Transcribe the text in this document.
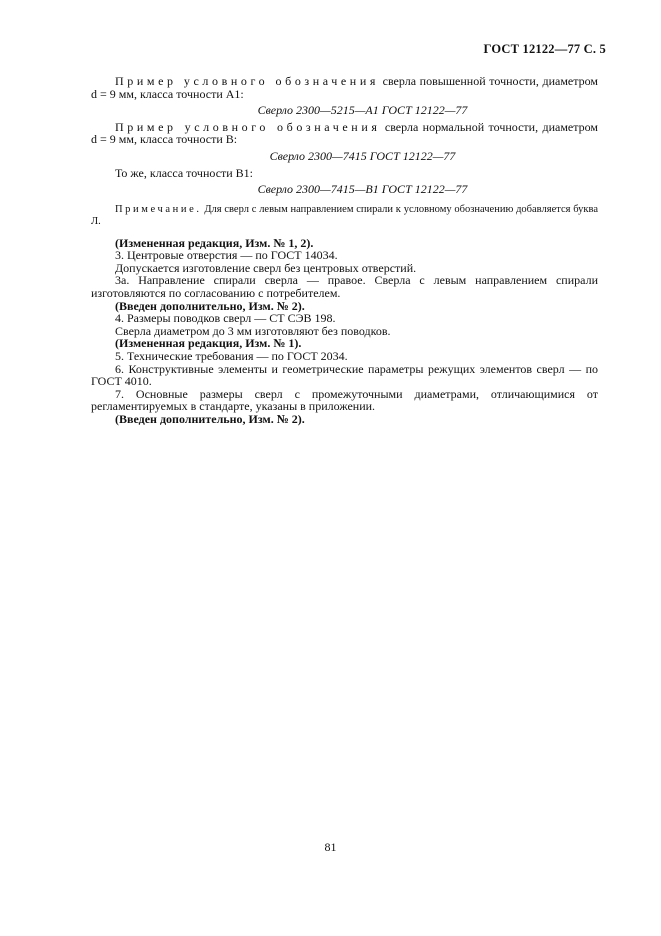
ГОСТ 12122—77 С. 5

Пример условного обозначения сверла повышенной точности, диаметром d = 9 мм, класса точности А1:

Сверло 2300—5215—А1 ГОСТ 12122—77

Пример условного обозначения сверла нормальной точности, диаметром d = 9 мм, класса точности В:

Сверло 2300—7415 ГОСТ 12122—77

То же, класса точности В1:

Сверло 2300—7415—В1 ГОСТ 12122—77

Примечание. Для сверл с левым направлением спирали к условному обозначению добавляется буква Л.

(Измененная редакция, Изм. № 1, 2).

3. Центровые отверстия — по ГОСТ 14034.

Допускается изготовление сверл без центровых отверстий.

3а. Направление спирали сверла — правое. Сверла с левым направлением спирали изготовляются по согласованию с потребителем.

(Введен дополнительно, Изм. № 2).

4. Размеры поводков сверл — СТ СЭВ 198.

Сверла диаметром до 3 мм изготовляют без поводков.

(Измененная редакция, Изм. № 1).

5. Технические требования — по ГОСТ 2034.

6. Конструктивные элементы и геометрические параметры режущих элементов сверл — по ГОСТ 4010.

7. Основные размеры сверл с промежуточными диаметрами, отличающимися от регламентируемых в стандарте, указаны в приложении.

(Введен дополнительно, Изм. № 2).

81
